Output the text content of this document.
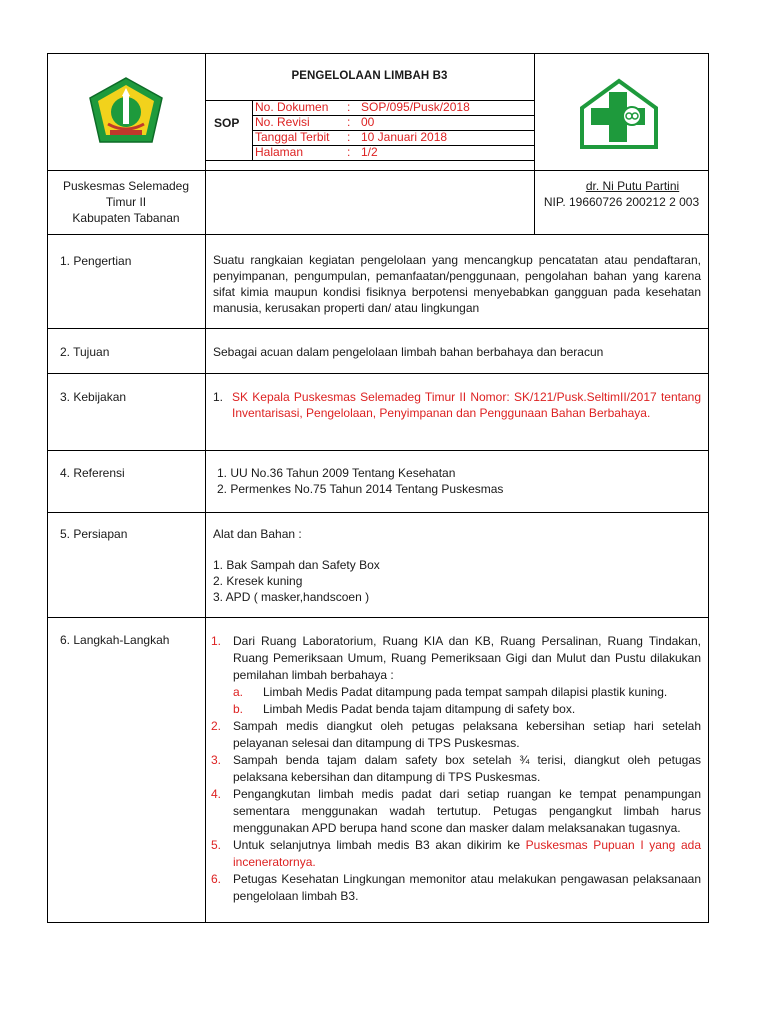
PENGELOLAAN LIMBAH B3
SOP
No. Dokumen : SOP/095/Pusk/2018
No. Revisi	: 00
Tanggal Terbit : 10 Januari 2018
Halaman	: 1/2
Puskesmas Selemadeg
Timur II
Kabupaten Tabanan
dr. Ni Putu Partini
NIP. 19660726 200212 2 003
1. Pengertian	Suatu rangkaian kegiatan pengelolaan yang mencangkup pencatatan atau pendaftaran, penyimpanan, pengumpulan, pemanfaatan/penggunaan, pengolahan bahan yang karena sifat kimia maupun kondisi fisiknya berpotensi menyebabkan gangguan pada kesehatan manusia, kerusakan properti dan/ atau lingkungan
2. Tujuan	Sebagai acuan dalam pengelolaan limbah bahan berbahaya dan beracun
3. Kebijakan	1. SK Kepala Puskesmas Selemadeg Timur II Nomor: SK/121/Pusk.SeltimII/2017 tentang Inventarisasi, Pengelolaan, Penyimpanan dan Penggunaan Bahan Berbahaya.
4. Referensi	1. UU No.36 Tahun 2009 Tentang Kesehatan
2. Permenkes No.75 Tahun 2014 Tentang Puskesmas
5. Persiapan	Alat dan Bahan :
1. Bak Sampah dan Safety Box
2. Kresek kuning
3. APD ( masker,handscoen )
6. Langkah-Langkah	1. Dari Ruang Laboratorium, Ruang KIA dan KB, Ruang Persalinan, Ruang Tindakan, Ruang Pemeriksaan Umum, Ruang Pemeriksaan Gigi dan Mulut dan Pustu dilakukan pemilahan limbah berbahaya :
a. Limbah Medis Padat ditampung pada tempat sampah dilapisi plastik kuning.
b. Limbah Medis Padat benda tajam ditampung di safety box.
2. Sampah medis diangkut oleh petugas pelaksana kebersihan setiap hari setelah pelayanan selesai dan ditampung di TPS Puskesmas.
3. Sampah benda tajam dalam safety box setelah ¾ terisi, diangkut oleh petugas pelaksana kebersihan dan ditampung di TPS Puskesmas.
4. Pengangkutan limbah medis padat dari setiap ruangan ke tempat penampungan sementara menggunakan wadah tertutup. Petugas pengangkut limbah harus menggunakan APD berupa hand scone dan masker dalam melaksanakan tugasnya.
5. Untuk selanjutnya limbah medis B3 akan dikirim ke Puskesmas Pupuan I yang ada inceneratornya.
6. Petugas Kesehatan Lingkungan memonitor atau melakukan pengawasan pelaksanaan pengelolaan limbah B3.
